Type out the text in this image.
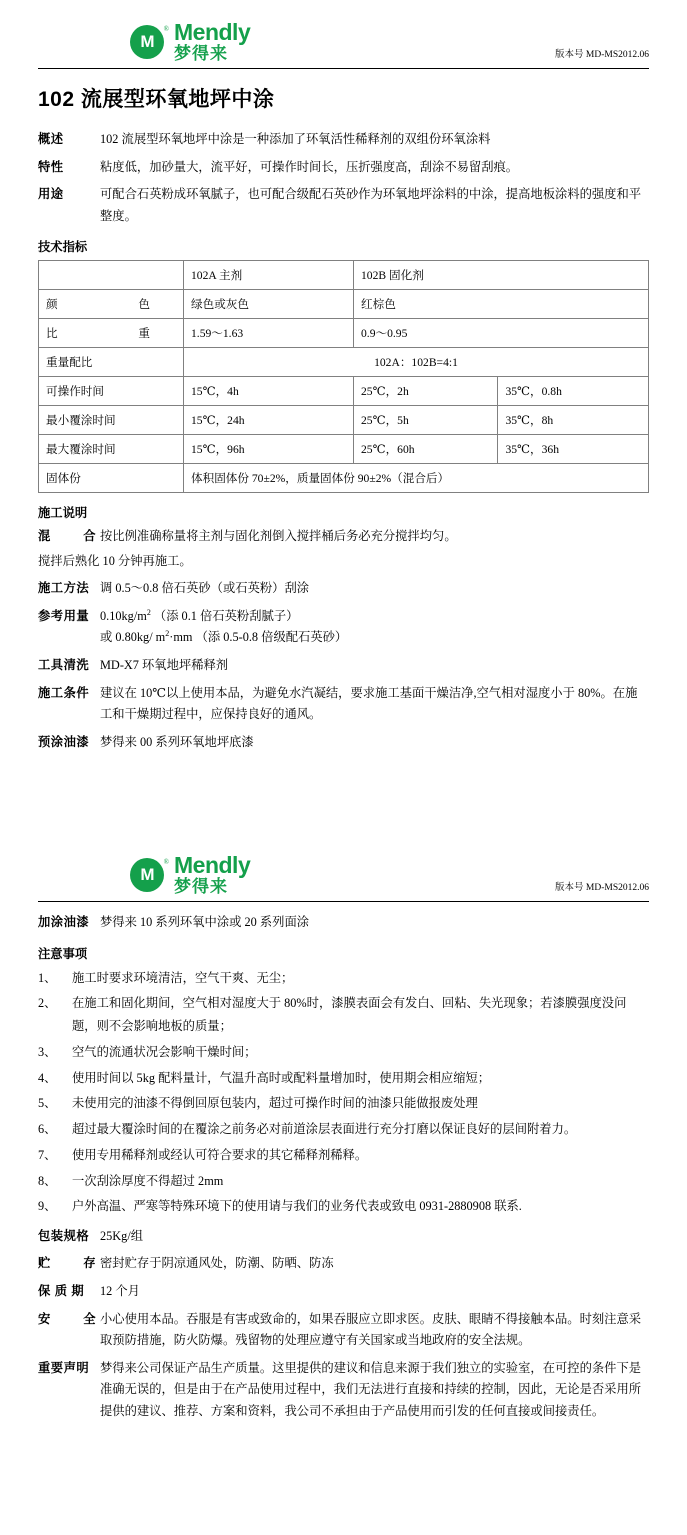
M
® Mendly
梦得来	版本号 MD-MS2012.06
102 流展型环氧地坪中涂
概述	102 流展型环氧地坪中涂是一种添加了环氧活性稀释剂的双组份环氧涂料
特性	粘度低，加砂量大，流平好，可操作时间长，压折强度高，刮涂不易留刮痕。
用途	可配合石英粉成环氧腻子，也可配合级配石英砂作为环氧地坪涂料的中涂，提高地板涂料的强度和平整度。
技术指标
	102A 主剂	102B 固化剂	

颜 色	绿色或灰色	红棕色	

比 重	1.59～1.63	0.9～0.95	
重量配比	102A：102B=4:1		
可操作时间	15℃，4h	25℃，2h	35℃，0.8h
最小覆涂时间	15℃，24h	25℃，5h	35℃，8h
最大覆涂时间	15℃，96h	25℃，60h	35℃，36h
固体份	体积固体份 70±2%，质量固体份 90±2%（混合后）		
施工说明
混	合 按比例准确称量将主剂与固化剂倒入搅拌桶后务必充分搅拌均匀。
搅拌后熟化 10 分钟再施工。
施工方法 调 0.5～0.8 倍石英砂（或石英粉）刮涂
参考用量 $0.10kg/m^2$ （添 0.1 倍石英粉刮腻子）
或 0.80kg/ $m^2\cdot mm$ （添 0.5-0.8 倍级配石英砂）
工具清洗 MD-X7 环氧地坪稀释剂
施工条件 建议在 10℃以上使用本品，为避免水汽凝结，要求施工基面干燥洁净,空气相对湿度小于 80%。在施工和干燥期过程中，应保持良好的通风。
预涂油漆 梦得来 00 系列环氧地坪底漆
M
® Mendly
梦得来	版本号 MD-MS2012.06
加涂油漆 梦得来 10 系列环氧中涂或 20 系列面涂
注意事项
1、	施工时要求环境清洁，空气干爽、无尘；
2、	在施工和固化期间，空气相对湿度大于 80%时，漆膜表面会有发白、回粘、失光现象；若漆膜强度没问题，则不会影响地板的质量；
3、	空气的流通状况会影响干燥时间；
4、	使用时间以 5kg 配料量计，气温升高时或配料量增加时，使用期会相应缩短；
5、	未使用完的油漆不得倒回原包装内，超过可操作时间的油漆只能做报废处理
6、	超过最大覆涂时间的在覆涂之前务必对前道涂层表面进行充分打磨以保证良好的层间附着力。
7、	使用专用稀释剂或经认可符合要求的其它稀释剂稀释。
8、	一次刮涂厚度不得超过 2mm
9、	户外高温、严寒等特殊环境下的使用请与我们的业务代表或致电 0931-2880908 联系.
包装规格 25Kg/组
贮	存 密封贮存于阴凉通风处，防潮、防晒、防冻
保 质 期	12 个月
安	全 小心使用本品。吞服是有害或致命的，如果吞服应立即求医。皮肤、眼睛不得接触本品。时刻注意采取预防措施，防火防爆。残留物的处理应遵守有关国家或当地政府的安全法规。
重要声明 梦得来公司保证产品生产质量。这里提供的建议和信息来源于我们独立的实验室，在可控的条件下是准确无误的，但是由于在产品使用过程中，我们无法进行直接和持续的控制，因此，无论是否采用所提供的建议、推荐、方案和资料，我公司不承担由于产品使用而引发的任何直接或间接责任。
